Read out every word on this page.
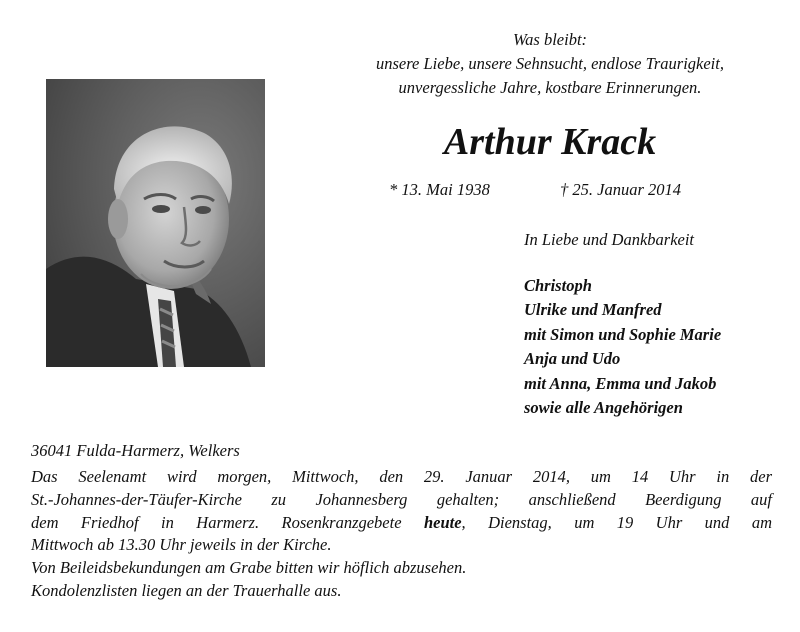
Was bleibt:
unsere Liebe, unsere Sehnsucht, endlose Traurigkeit,
unvergessliche Jahre, kostbare Erinnerungen.
Arthur Krack
* 13. Mai 1938	† 25. Januar 2014
In Liebe und Dankbarkeit
Christoph
Ulrike und Manfred
mit Simon und Sophie Marie
Anja und Udo
mit Anna, Emma und Jakob
sowie alle Angehörigen
36041 Fulda-Harmerz, Welkers
Das Seelenamt wird morgen, Mittwoch, den 29. Januar 2014, um 14 Uhr in der
St.-Johannes-der-Täufer-Kirche zu Johannesberg gehalten; anschließend Beerdigung auf
dem Friedhof in Harmerz. Rosenkranzgebete heute, Dienstag, um 19 Uhr und am
Mittwoch ab 13.30 Uhr jeweils in der Kirche.
Von Beileidsbekundungen am Grabe bitten wir höflich abzusehen.
Kondolenzlisten liegen an der Trauerhalle aus.
